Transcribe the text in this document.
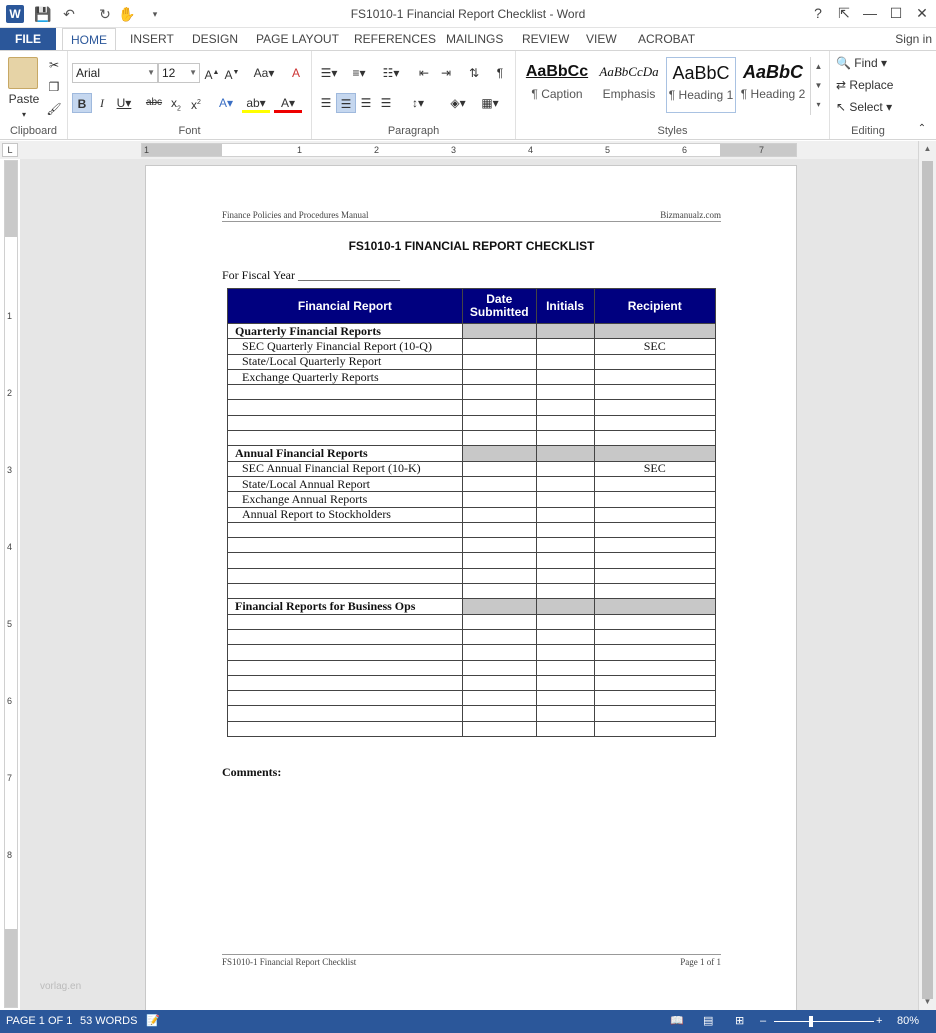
W 💾 ↶ ↻ ✋	▾	FS1010-1 Financial Report Checklist - Word	?	⇱ — ☐ ✕
FILE	HOME	INSERT	DESIGN	PAGE LAYOUT	REFERENCES MAILINGS	REVIEW	VIEW	ACROBAT	Sign in
Paste
▾
✂
❐
🖌
Clipboard
Arial	▼ 12 ▼ A▲ A▼	Aa▾	A
B	I	U▾	abc $x_2$ $x^2$	A▾	ab▾	A▾
Font
☰▾	≡▾	☷▾	⇤ ⇥	⇅	¶
☰ ☰ ☰ ☰	↕▾	◈▾	▦▾
Paragraph
AaBbCc
¶ Caption
AaBbCcDa
Emphasis
AaBbC
¶ Heading 1
AaBbC
¶ Heading 2
▲
▼
▾
Styles
🔍 Find ▾
⇄ Replace
↖ Select ▾
Editing	⌃
L	1	1	2	3	4	5	6	7
1
2
3
4
5
6
7
8
Finance Policies and Procedures Manual	Bizmanualz.com
FS1010-1 FINANCIAL REPORT CHECKLIST
For Fiscal Year _________________
Financial Report	Date Submitted	Initials	Recipient
Quarterly Financial Reports			
SEC Quarterly Financial Report (10-Q)			SEC
State/Local Quarterly Report			
Exchange Quarterly Reports			

Annual Financial Reports			
SEC Annual Financial Report (10-K)			SEC
State/Local Annual Report			
Exchange Annual Reports			
Annual Report to Stockholders			

Financial Reports for Business Ops			

Comments:
FS1010-1 Financial Report Checklist	Page 1 of 1
▲
▼
vorlag.en
PAGE 1 OF 1 53 WORDS 📝	📖 ▤ ⊞ –	+ 80%
